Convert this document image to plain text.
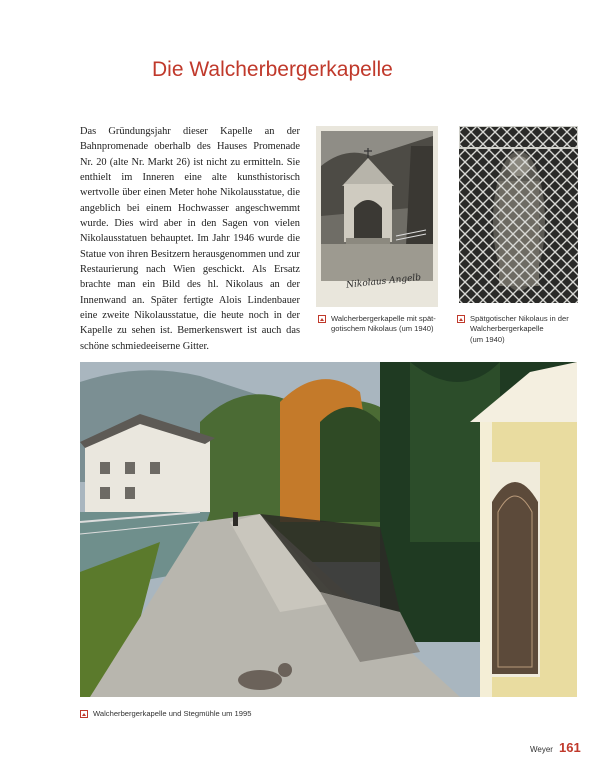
Die Walcherbergerkapelle
Das Gründungsjahr dieser Kapelle an der Bahnpromenade oberhalb des Hauses Promenade Nr. 20 (alte Nr. Markt 26) ist nicht zu ermitteln. Sie enthielt im Inneren eine alte kunsthistorisch wertvolle über einen Meter hohe Nikolausstatue, die angeblich bei einem Hochwasser angeschwemmt wurde. Dies wird aber in den Sagen von vielen Nikolausstatuen behauptet. Im Jahr 1946 wurde die Statue von ihren Besitzern herausgenommen und zur Restaurierung nach Wien geschickt. Als Ersatz brachte man ein Bild des hl. Nikolaus an der Innenwand an. Später fertigte Alois Lindenbauer eine zweite Nikolausstatue, die heute noch in der Kapelle zu sehen ist. Bemerkenswert ist auch das schöne schmiedeeiserne Gitter.
Nikolaus Angelb
Walcherbergerkapelle mit spät-
gotischem Nikolaus (um 1940)
Spätgotischer Nikolaus in der
Walcherbergerkapelle
(um 1940)
Walcherbergerkapelle und Stegmühle um 1995
Weyer 161
